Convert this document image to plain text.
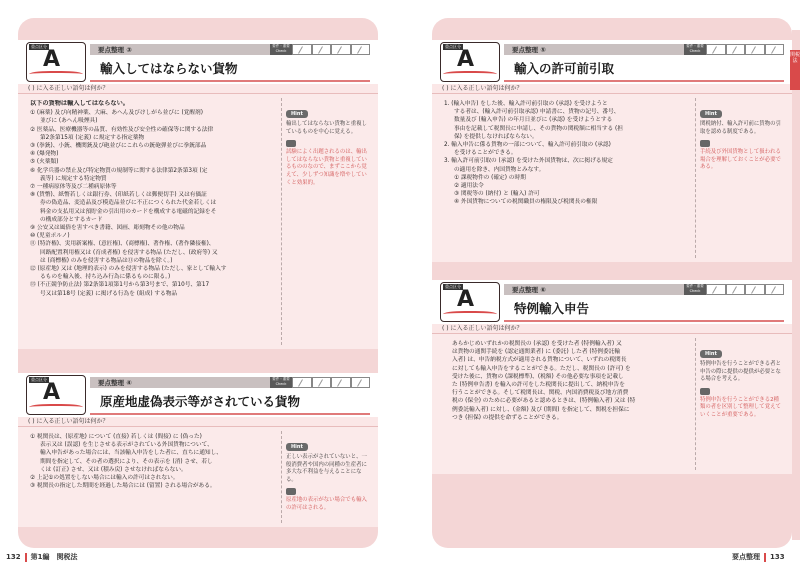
重点区分
A	要点整理 ③	要件・重要 Check
輸入してはならない貨物
( ) に入る正しい語句は何か？
以下の貨物は輸入してはならない。
① (麻薬) 及び向精神薬、大麻、あへん及びけしがら並びに (覚醒剤)
並びに (あへん吸煙具)
② 医薬品、医療機器等の品質、有効性及び安全性の確保等に関する法律
第2条第15項 (定義) に規定する指定薬物
③ (拳銃)、小銃、機関銃及び砲並びにこれらの銃砲弾並びに拳銃部品
④ (爆発物)
⑤ (火薬類)
⑥ 化学兵器の禁止及び特定物質の規制等に関する法律第2条第3項 (定
義等) に規定する特定物質
⑦ 一種病原体等及び二種病原体等
⑧ (貨幣)、紙幣若しくは銀行券、(印紙若しくは郵便切手) 又は有価証
券の偽造品、変造品及び模造品並びに不正につくられた代金若しくは
料金の支払用又は預貯金の引出用のカードを構成する電磁的記録をそ
の構成部分とするカード
⑨ 公安又は風俗を害すべき書籍、図画、彫刻物その他の物品
⑩ (児童ポルノ)
⑪ (特許権)、実用新案権、(意匠権)、(商標権)、著作権、(著作隣接権)、
回路配置利用権又は (育成者権) を侵害する物品 (ただし、(政府等) 又
は (商標権) のみを侵害する物品は⑪の物品を除く。)
⑫ (原産地) 又は (地理的表示) のみを侵害する物品 (ただし、家として輸入す
るものを輸入後、持ち込み行為に係るものに限る。)
⑬ (不正競争防止法) 第2条第1項第1号から第3号まで、第10号、第17
号又は第18号 (定義) に掲げる行為を (組成) する物品
Hint
輸出してはならない貨物と重複しているものを中心に覚える。
試験によく出題されるのは、輸出してはならない貨物と重複しているもののなので、まずここから覚えて、少しずつ知識を増やしていくと効果的。
重点区分
A	要点整理 ④	要件・重要 Check
原産地虚偽表示等がされている貨物
( ) に入る正しい語句は何か？
① 税関長は、(原産地) について (直接) 若しくは (間接) に (偽った)
表示又は (誤認) を生じさせる表示がされている外国貨物について、
輸入申告があった場合には、当該輸入申告をした者に、直ちに通知し、
期間を指定して、その者の選択により、その表示を (消) させ、若し
くは (訂正) させ、又は (積み戻) させなければならない。
② 上記①の処置をしない場合には輸入の許可はされない。
③ 税関長の指定した期間を経過した場合には (留置) される場合がある。
Hint
正しい表示がされていないと、一般消費者や国内の同種の生産者に多大な不利益を与えることになる。
原産地の表示がない場合でも輸入の許可はされる。
132 第1編　関税法
重点区分
A	要点整理 ⑤	要件・重要 Check
輸入の許可前引取
( ) に入る正しい語句は何か？
1. (輸入申告) をした後、輸入許可前引取の (承認) を受けようと
する者は、(輸入許可前引取承認) 申請書に、貨物の記号、番号、
数量及び (輸入申告) の年月日並びに (承認) を受けようとする
事由を記載して税関長に申請し、その貨物の関税額に相当する (担
保) を提供しなければならない。
2. 輸入申告に係る貨物の一部について、輸入許可前引取の (承認)
を受けることができる。
3. 輸入許可前引取の (承認) を受けた外国貨物は、次に掲げる規定
の適用を除き、内国貨物とみなす。
① 課税物件の (確定) の時期
② 適用法令
③ 関税等の (納付) と (輸入) 許可
④ 外国貨物についての税関職員の権限及び税関長の権限
Hint
関税納付、輸入許可前に貨物の引取を認める制度である。
手続及び外国貨物として扱われる場合を理解しておくことが必要である。
重点区分
A	要点整理 ⑥	要件・重要 Check
特例輸入申告
( ) に入る正しい語句は何か？
あらかじめいずれかの税関長の (承認) を受けた者 (特例輸入者) 又
は貨物の通関手続を (認定通関業者) に (委託) した者 (特例委託輸
入者) は、申告納税方式が適用される貨物について、いずれの税関長
に対しても輸入申告をすることができる。ただし、税関長の (許可) を
受けた後に、貨物の (課税標準)、(税額) その他必要な事項を記載し
た (特例申告書) を輸入の許可をした税関長に提出して、納税申告を
行うことができる。そして税関長は、関税、内国消費税及び地方消費
税の (保全) のために必要があると認めるときは、(特例輸入者) 又は (特
例委託輸入者) に対し、(金額) 及び (期間) を指定して、関税を担保に
つき (担保) の提供を命ずることができる。
Hint
特例申告を行うことができる者と申告の際に提供の提供が必要となる場合を考える。
特例申告を行うことができる2種類の者を区別して整理して覚えていくことが重要である。
関税法
要点整理 133
